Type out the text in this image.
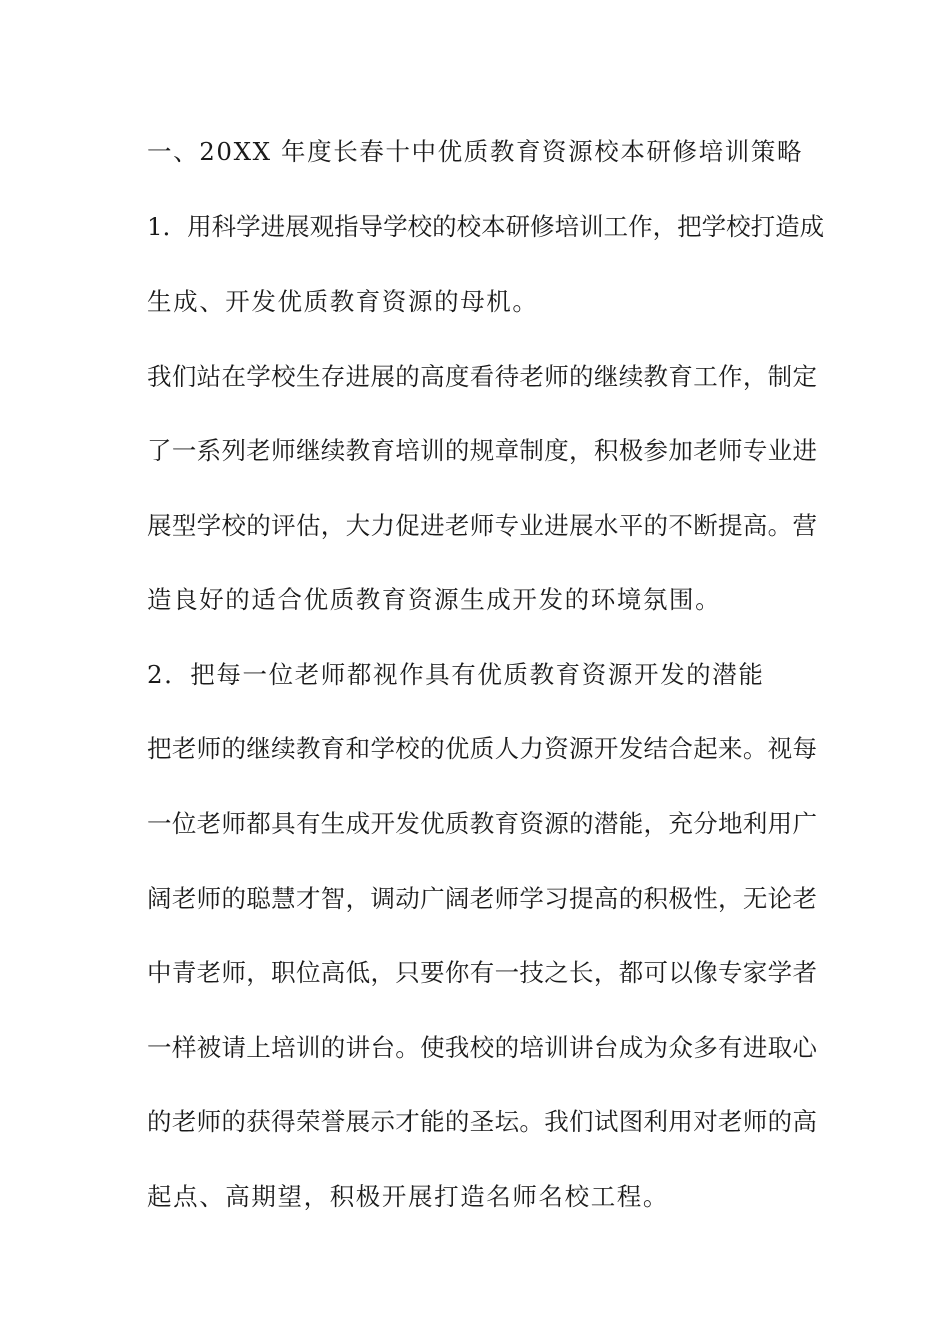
一、20XX 年度长春十中优质教育资源校本研修培训策略

1．用科学进展观指导学校的校本研修培训工作，把学校打造成

生成、开发优质教育资源的母机。

我们站在学校生存进展的高度看待老师的继续教育工作，制定

了一系列老师继续教育培训的规章制度，积极参加老师专业进

展型学校的评估，大力促进老师专业进展水平的不断提高。营

造良好的适合优质教育资源生成开发的环境氛围。

2．把每一位老师都视作具有优质教育资源开发的潜能

把老师的继续教育和学校的优质人力资源开发结合起来。视每

一位老师都具有生成开发优质教育资源的潜能，充分地利用广

阔老师的聪慧才智，调动广阔老师学习提高的积极性，无论老

中青老师，职位高低，只要你有一技之长，都可以像专家学者

一样被请上培训的讲台。使我校的培训讲台成为众多有进取心

的老师的获得荣誉展示才能的圣坛。我们试图利用对老师的高

起点、高期望，积极开展打造名师名校工程。
